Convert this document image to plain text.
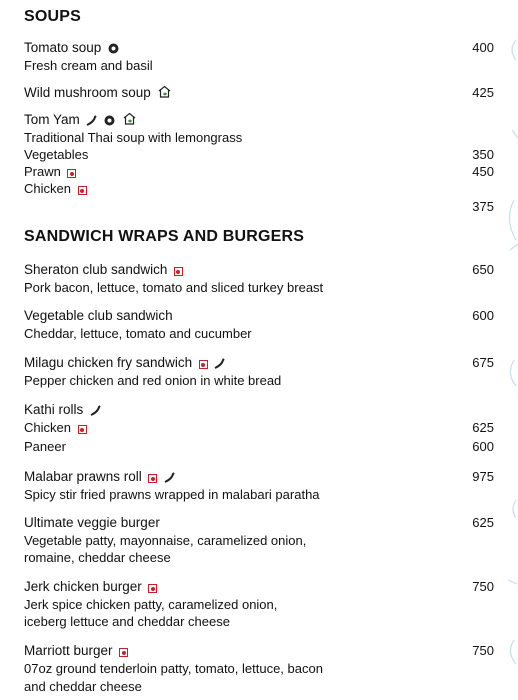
SOUPS
Tomato soup	400
Fresh cream and basil
Wild mushroom soup	425
Tom Yam
Traditional Thai soup with lemongrass
Vegetables	350
Prawn	450
Chicken
375
SANDWICH WRAPS AND BURGERS
Sheraton club sandwich	650
Pork bacon, lettuce, tomato and sliced turkey breast
Vegetable club sandwich	600
Cheddar, lettuce, tomato and cucumber
Milagu chicken fry sandwich	675
Pepper chicken and red onion in white bread
Kathi rolls
Chicken	625
Paneer	600
Malabar prawns roll	975
Spicy stir fried prawns wrapped in malabari paratha
Ultimate veggie burger	625
Vegetable patty, mayonnaise, caramelized onion,
romaine, cheddar cheese
Jerk chicken burger	750
Jerk spice chicken patty, caramelized onion,
iceberg lettuce and cheddar cheese
Marriott burger	750
07oz ground tenderloin patty, tomato, lettuce, bacon
and cheddar cheese
